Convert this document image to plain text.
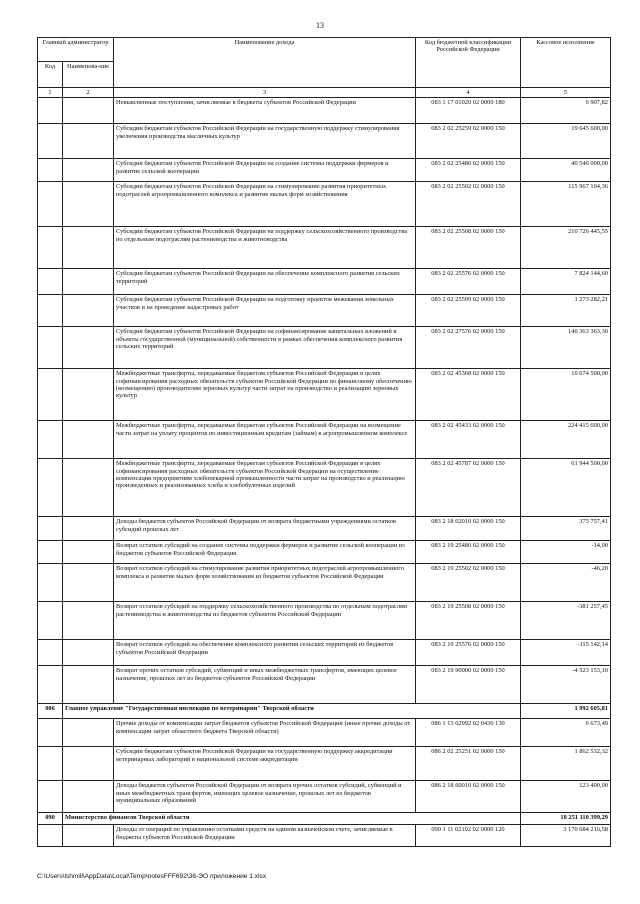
13
Главный администратор		Наименование дохода	Код бюджетной классификации Российской Федерации	Кассовое исполнение
Код	Наименова-ние			
1	2	3	4	5
		Невыясненные поступления, зачисляемые в бюджеты субъектов Российской Федерации	083 1 17 01020 02 0000 180	6 907,82
		Субсидии бюджетам субъектов Российской Федерации на государственную поддержку стимулирования увеличения производства масличных культур	083 2 02 25259 02 0000 150	19 645 600,00
		Субсидии бюджетам субъектов Российской Федерации на создание системы поддержки фермеров и развитие сельской кооперации	083 2 02 25480 02 0000 150	40 546 000,00
		Субсидии бюджетам субъектов Российской Федерации на стимулирование развития приоритетных подотраслей агропромышленного комплекса и развитие малых форм хозяйствования	083 2 02 25502 02 0000 150	115 967 104,36
		Субсидии бюджетам субъектов Российской Федерации на поддержку сельскохозяйственного производства по отдельным подотраслям растениеводства и животноводства	083 2 02 25508 02 0000 150	210 726 445,55
		Субсидии бюджетам субъектов Российской Федерации на обеспечение комплексного развития сельских территорий	083 2 02 25576 02 0000 150	7 824 144,60
		Субсидии бюджетам субъектов Российской Федерации на подготовку проектов межевания земельных участков и на проведение кадастровых работ	083 2 02 25599 02 0000 150	1 273 282,21
		Субсидии бюджетам субъектов Российской Федерации на софинансирование капитальных вложений в объекты государственной (муниципальной) собственности в рамках обеспечения комплексного развития сельских территорий	083 2 02 27576 02 0000 150	140 363 363,30
		Межбюджетные трансферты, передаваемые бюджетам субъектов Российской Федерации в целях софинансирования расходных обязательств субъектов Российской Федерации по финансовому обеспечению (возмещению) производителям зерновых культур части затрат на производство и реализацию зерновых культур	083 2 02 45368 02 0000 150	10 674 500,00
		Межбюджетные трансферты, передаваемые бюджетам субъектов Российской Федерации на возмещение части затрат на уплату процентов по инвестиционным кредитам (займам) в агропромышленном комплексе	083 2 02 45433 02 0000 150	224 415 600,00
		Межбюджетные трансферты, передаваемые бюджетам субъектов Российской Федерации в целях софинансирования расходных обязательств субъектов Российской Федерации на осуществление компенсации предприятиям хлебопекарной промышленности части затрат на производство и реализацию произведенных и реализованных хлеба и хлебобулочных изделий	083 2 02 45787 02 0000 150	61 944 500,00
		Доходы бюджетов субъектов Российской Федерации от возврата бюджетными учреждениями остатков субсидий прошлых лет	083 2 18 02010 02 0000 150	375 757,41
		Возврат остатков субсидий на создание системы поддержки фермеров и развитие сельской кооперации из бюджетов субъектов Российской Федерации	083 2 19 25480 02 0000 150	-14,00
		Возврат остатков субсидий на стимулирование развития приоритетных подотраслей агропромышленного комплекса и развитие малых форм хозяйствования из бюджетов субъектов Российской Федерации	083 2 19 25502 02 0000 150	-46,20
		Возврат остатков субсидий на поддержку сельскохозяйственного производства по отдельным подотраслям растениеводства и животноводства из бюджетов субъектов Российской Федерации	083 2 19 25508 02 0000 150	-381 257,45
		Возврат остатков субсидий на обеспечение комплексного развития сельских территорий из бюджетов субъектов Российской Федерации	083 2 19 25576 02 0000 150	-115 142,14
		Возврат прочих остатков субсидий, субвенций и иных межбюджетных трансфертов, имеющих целевое назначение, прошлых лет из бюджетов субъектов Российской Федерации	083 2 19 90000 02 0000 150	-4 523 153,10
086	Главное управление "Государственная инспекция по ветеринарии" Тверской области			1 992 605,81
		Прочие доходы от компенсации затрат бюджетов субъектов Российской Федерации (иные прочие доходы от компенсации затрат областного бюджета Тверской области)	086 1 13 02992 02 0430 130	6 673,49
		Субсидии бюджетам субъектов Российской Федерации на государственную поддержку аккредитации ветеринарных лабораторий в национальной системе аккредитации	086 2 02 25251 02 0000 150	1 862 532,32
		Доходы бюджетов субъектов Российской Федерации от возврата прочих остатков субсидий, субвенций и иных межбюджетных трансфертов, имеющих целевое назначение, прошлых лет из бюджетов муниципальных образований	086 2 18 60010 02 0000 150	123 400,00
090	Министерство финансов Тверской области			10 251 110 399,29
		Доходы от операций по управлению остатками средств на едином казначейском счете, зачисляемые в бюджеты субъектов Российской Федерации	090 1 11 02102 02 0000 120	3 170 684 216,58
C:\Users\lshmill\AppData\Local\Temp\notesFFF692\36-ЭО приложение 1.xlsx
